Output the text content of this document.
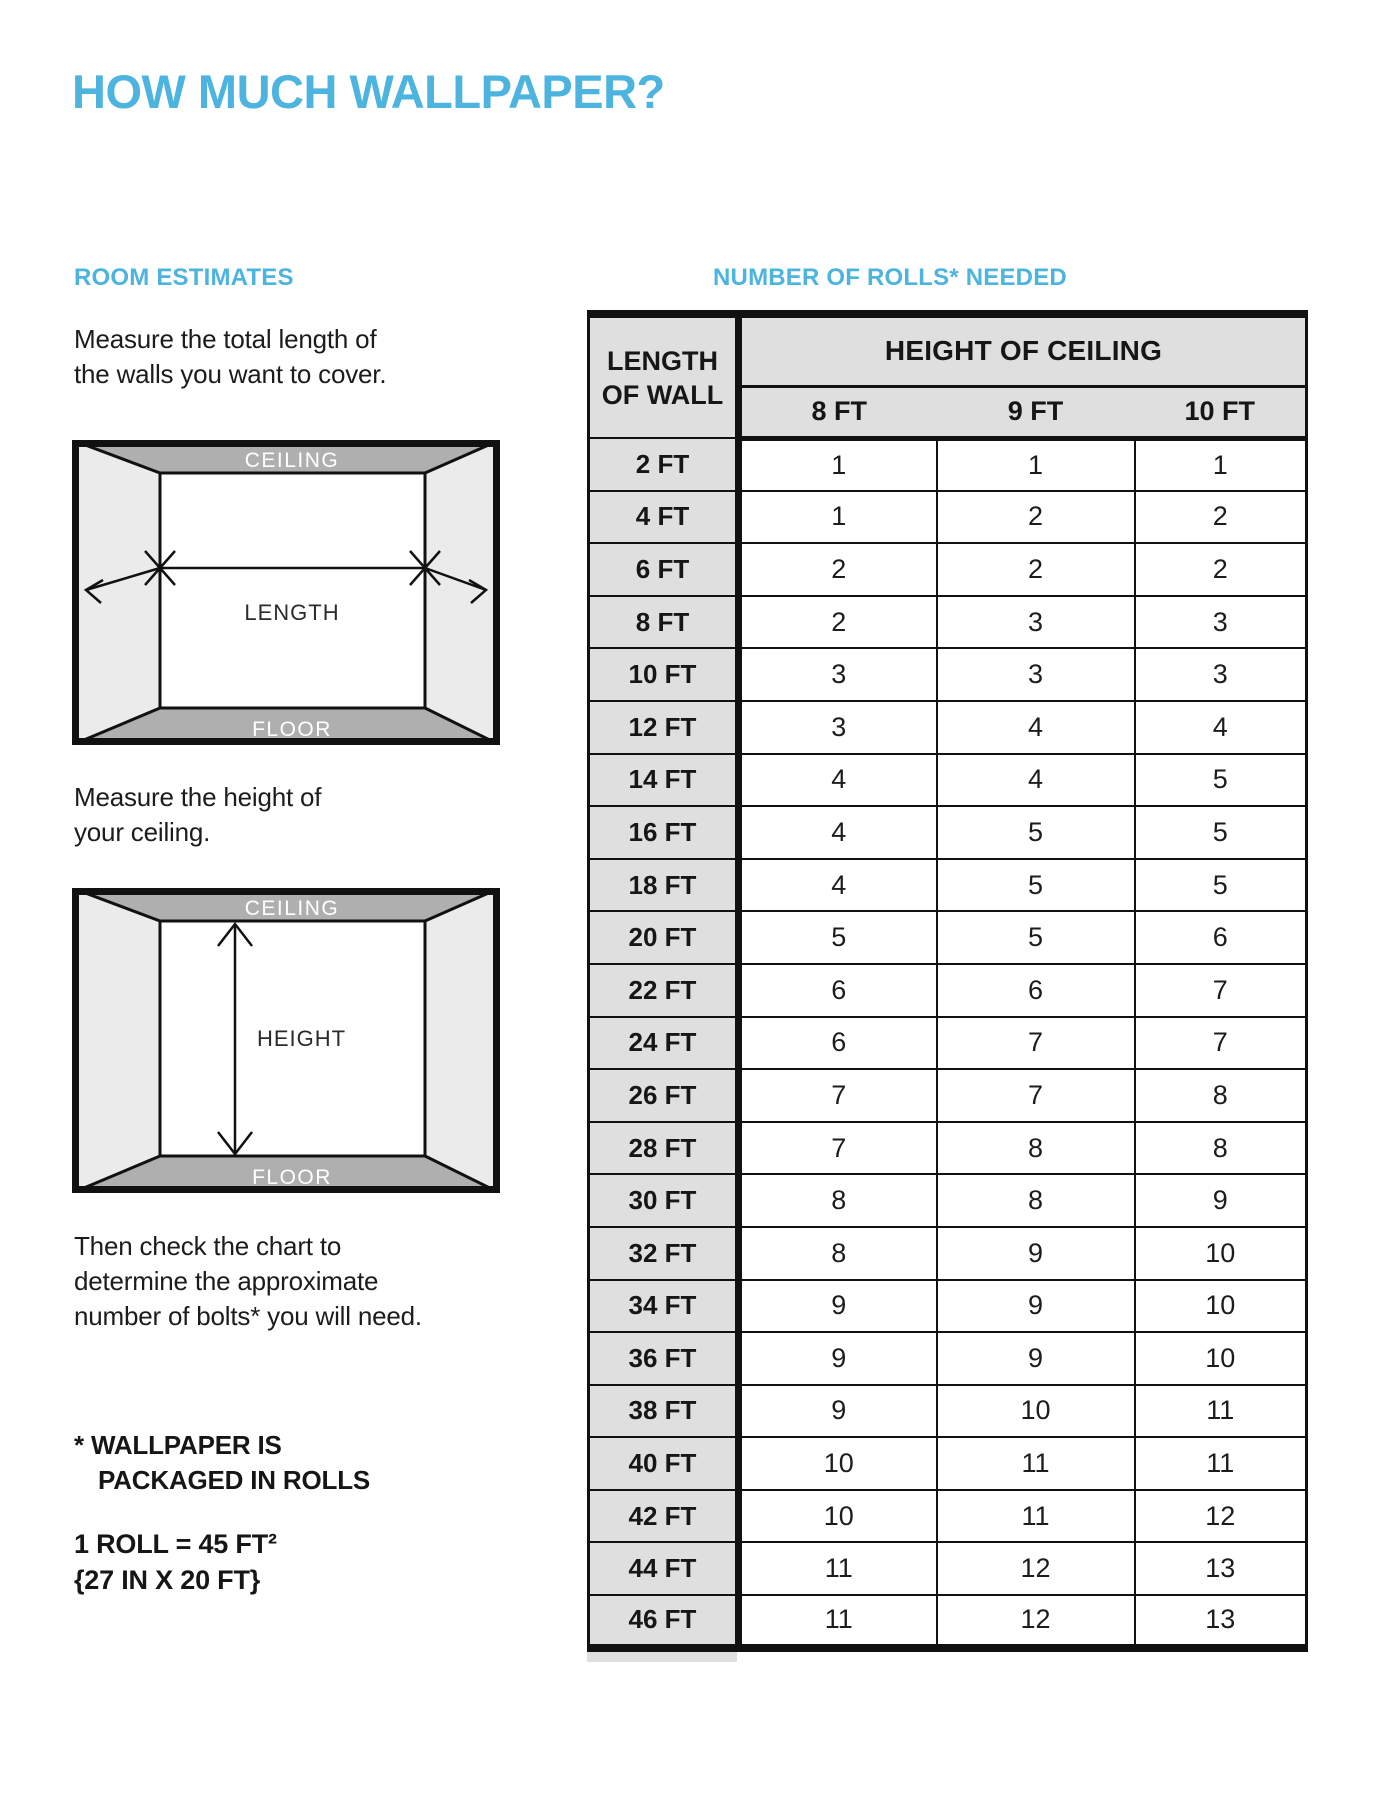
HOW MUCH WALLPAPER?
ROOM ESTIMATES	NUMBER OF ROLLS* NEEDED

Measure the total length of
the walls you want to cover.

CEILING
FLOOR
LENGTH

Measure the height of
your ceiling.

CEILING
FLOOR
HEIGHT

Then check the chart to
determine the approximate
number of bolts* you will need.

* WALLPAPER IS
PACKAGED IN ROLLS
1 ROLL = 45 FT²
{27 IN X 20 FT}
LENGTH
OF WALL	HEIGHT OF CEILING		
	8 FT	9 FT	10 FT
2 FT	1	1	1
4 FT	1	2	2
6 FT	2	2	2
8 FT	2	3	3
10 FT	3	3	3
12 FT	3	4	4
14 FT	4	4	5
16 FT	4	5	5
18 FT	4	5	5
20 FT	5	5	6
22 FT	6	6	7
24 FT	6	7	7
26 FT	7	7	8
28 FT	7	8	8
30 FT	8	8	9
32 FT	8	9	10
34 FT	9	9	10
36 FT	9	9	10
38 FT	9	10	11
40 FT	10	11	11
42 FT	10	11	12
44 FT	11	12	13
46 FT	11	12	13
